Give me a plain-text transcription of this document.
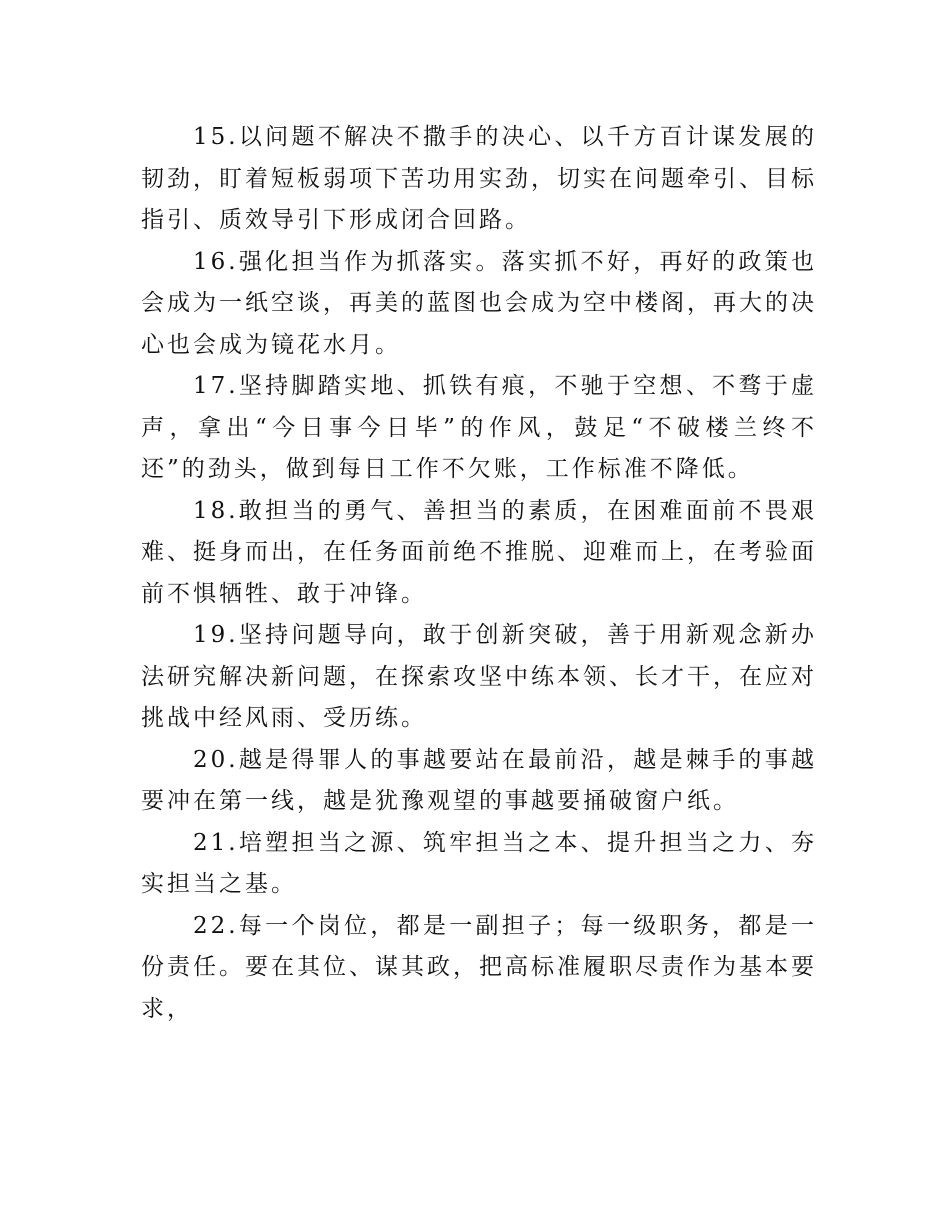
15.以问题不解决不撒手的决心、以千方百计谋发展的韧劲，盯着短板弱项下苦功用实劲，切实在问题牵引、目标指引、质效导引下形成闭合回路。

16.强化担当作为抓落实。落实抓不好，再好的政策也会成为一纸空谈，再美的蓝图也会成为空中楼阁，再大的决心也会成为镜花水月。

17.坚持脚踏实地、抓铁有痕，不驰于空想、不骛于虚声，拿出“今日事今日毕”的作风，鼓足“不破楼兰终不还”的劲头，做到每日工作不欠账，工作标准不降低。

18.敢担当的勇气、善担当的素质，在困难面前不畏艰难、挺身而出，在任务面前绝不推脱、迎难而上，在考验面前不惧牺牲、敢于冲锋。

19.坚持问题导向，敢于创新突破，善于用新观念新办法研究解决新问题，在探索攻坚中练本领、长才干，在应对挑战中经风雨、受历练。

20.越是得罪人的事越要站在最前沿，越是棘手的事越要冲在第一线，越是犹豫观望的事越要捅破窗户纸。

21.培塑担当之源、筑牢担当之本、提升担当之力、夯实担当之基。

22.每一个岗位，都是一副担子；每一级职务，都是一份责任。要在其位、谋其政，把高标准履职尽责作为基本要求，
